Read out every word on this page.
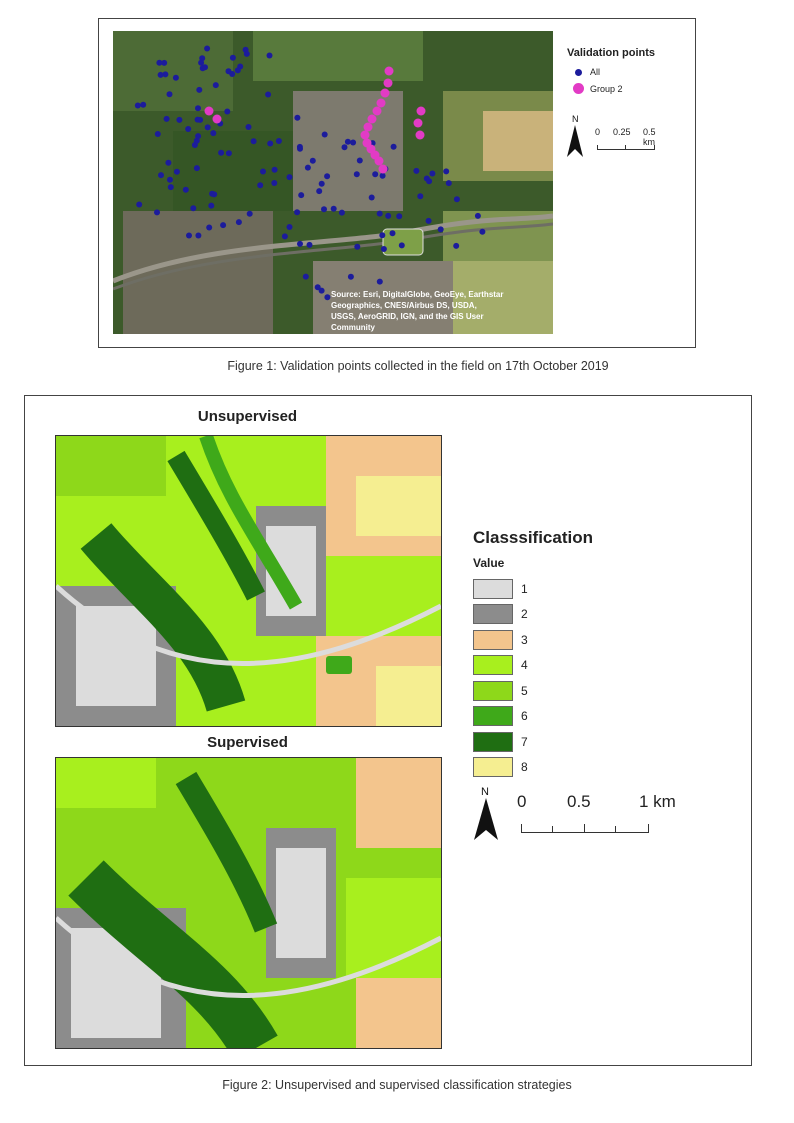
Source: Esri, DigitalGlobe, GeoEye, Earthstar Geographics, CNES/Airbus DS, USDA, USGS, AeroGRID, IGN, and the GIS User Community
Validation points
All
Group 2
N
0 0.25 0.5 km
Figure 1: Validation points collected in the field on 17th October 2019
Unsupervised
Supervised
Classsification
Value
1
2
3
4
5
6
7
8
N 0 0.5	1 km
Figure 2: Unsupervised and supervised classification strategies
